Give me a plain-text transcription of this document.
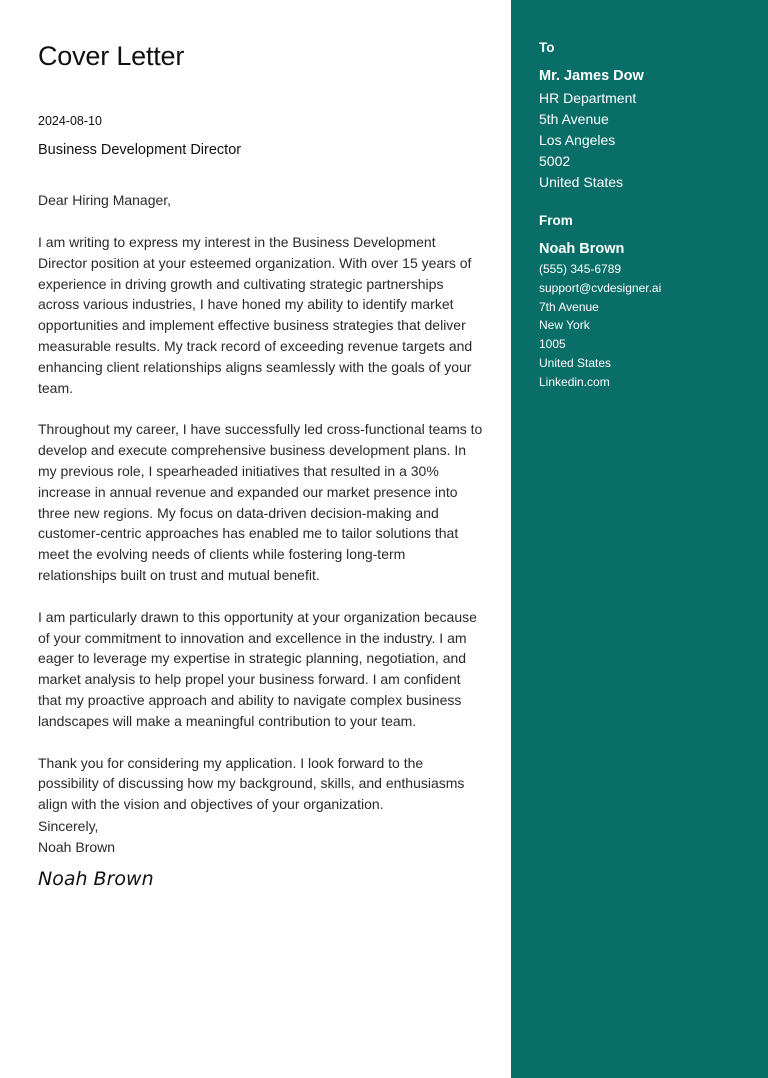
Cover Letter
2024-08-10
Business Development Director
Dear Hiring Manager,

I am writing to express my interest in the Business Development Director position at your esteemed organization. With over 15 years of experience in driving growth and cultivating strategic partnerships across various industries, I have honed my ability to identify market opportunities and implement effective business strategies that deliver measurable results. My track record of exceeding revenue targets and enhancing client relationships aligns seamlessly with the goals of your team.

Throughout my career, I have successfully led cross-functional teams to develop and execute comprehensive business development plans. In my previous role, I spearheaded initiatives that resulted in a 30% increase in annual revenue and expanded our market presence into three new regions. My focus on data-driven decision-making and customer-centric approaches has enabled me to tailor solutions that meet the evolving needs of clients while fostering long-term relationships built on trust and mutual benefit.

I am particularly drawn to this opportunity at your organization because of your commitment to innovation and excellence in the industry. I am eager to leverage my expertise in strategic planning, negotiation, and market analysis to help propel your business forward. I am confident that my proactive approach and ability to navigate complex business landscapes will make a meaningful contribution to your team.

Thank you for considering my application. I look forward to the possibility of discussing how my background, skills, and enthusiasms align with the vision and objectives of your organization.

Sincerely,
Noah Brown
Noah Brown
To
Mr. James Dow
HR Department
5th Avenue
Los Angeles
5002
United States
From
Noah Brown
(555) 345-6789
support@cvdesigner.ai
7th Avenue
New York
1005
United States
Linkedin.com
